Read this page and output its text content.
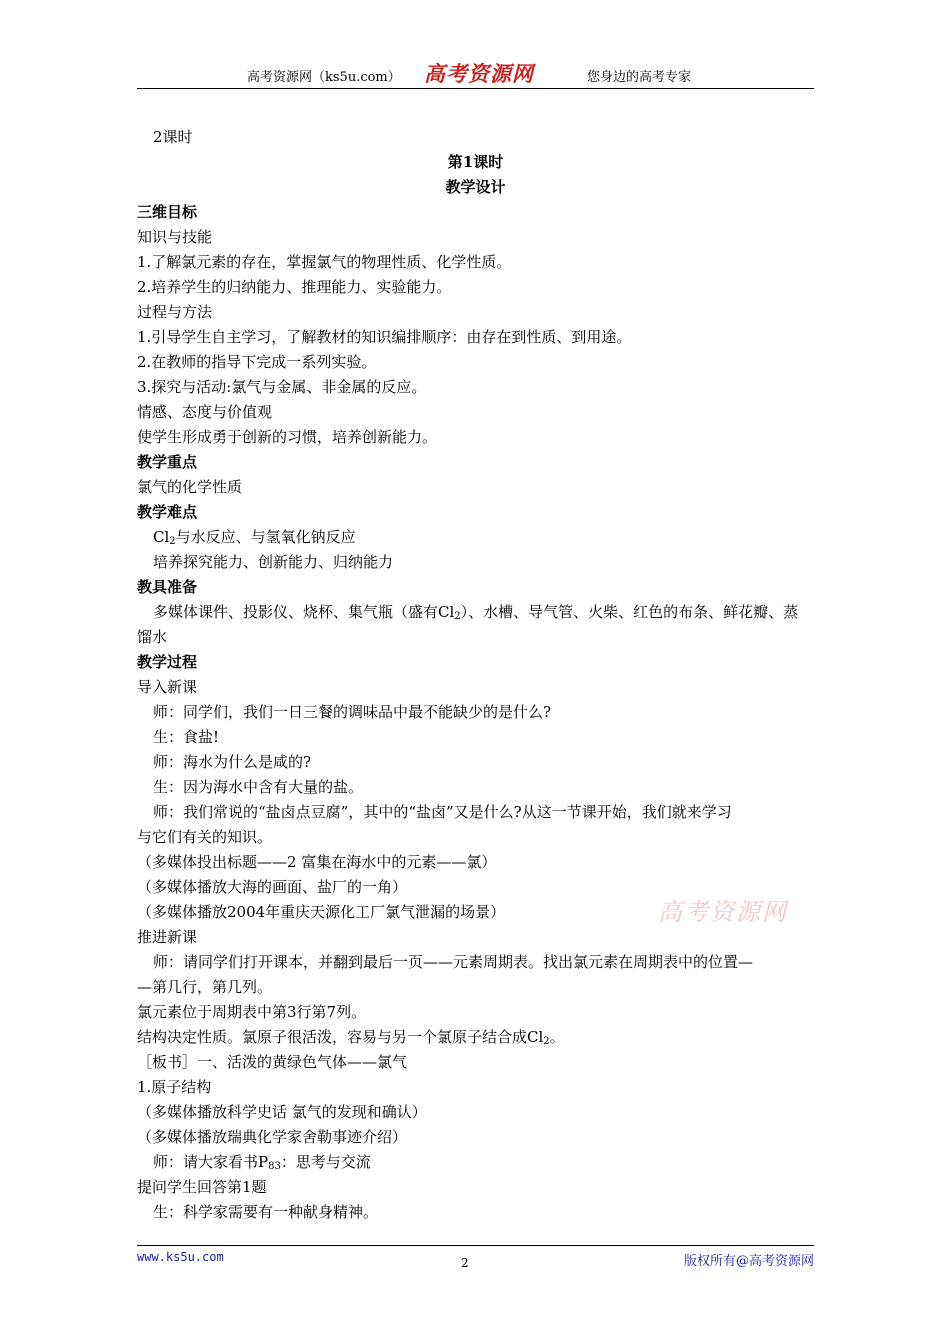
高考资源网（ks5u.com） 高考资源网	您身边的高考专家

2课时

第1课时

教学设计

三维目标

知识与技能

1.了解氯元素的存在，掌握氯气的物理性质、化学性质。

2.培养学生的归纳能力、推理能力、实验能力。

过程与方法

1.引导学生自主学习，了解教材的知识编排顺序：由存在到性质、到用途。

2.在教师的指导下完成一系列实验。

3.探究与活动:氯气与金属、非金属的反应。

情感、态度与价值观

使学生形成勇于创新的习惯，培养创新能力。

教学重点

氯气的化学性质

教学难点

$Cl_2$与水反应、与氢氧化钠反应

培养探究能力、创新能力、归纳能力

教具准备

多媒体课件、投影仪、烧杯、集气瓶（盛有$Cl_2$）、水槽、导气管、火柴、红色的布条、鲜花瓣、蒸

馏水

教学过程

导入新课

师：同学们，我们一日三餐的调味品中最不能缺少的是什么?

生：食盐!

师：海水为什么是咸的?

生：因为海水中含有大量的盐。

师：我们常说的“盐卤点豆腐”，其中的“盐卤”又是什么?从这一节课开始，我们就来学习

与它们有关的知识。

（多媒体投出标题——2 富集在海水中的元素——氯）

（多媒体播放大海的画面、盐厂的一角）

（多媒体播放2004年重庆天源化工厂氯气泄漏的场景）

推进新课

师：请同学们打开课本，并翻到最后一页——元素周期表。找出氯元素在周期表中的位置—

—第几行，第几列。

氯元素位于周期表中第3行第7列。

结构决定性质。氯原子很活泼，容易与另一个氯原子结合成$Cl_2$。

［板书］一、活泼的黄绿色气体——氯气

1.原子结构

（多媒体播放科学史话 氯气的发现和确认）

（多媒体播放瑞典化学家舍勒事迹介绍）

师：请大家看书$P_{83}$：思考与交流

提问学生回答第1题

生：科学家需要有一种献身精神。

高考资源网
www.ks5u.com	2	版权所有@高考资源网
